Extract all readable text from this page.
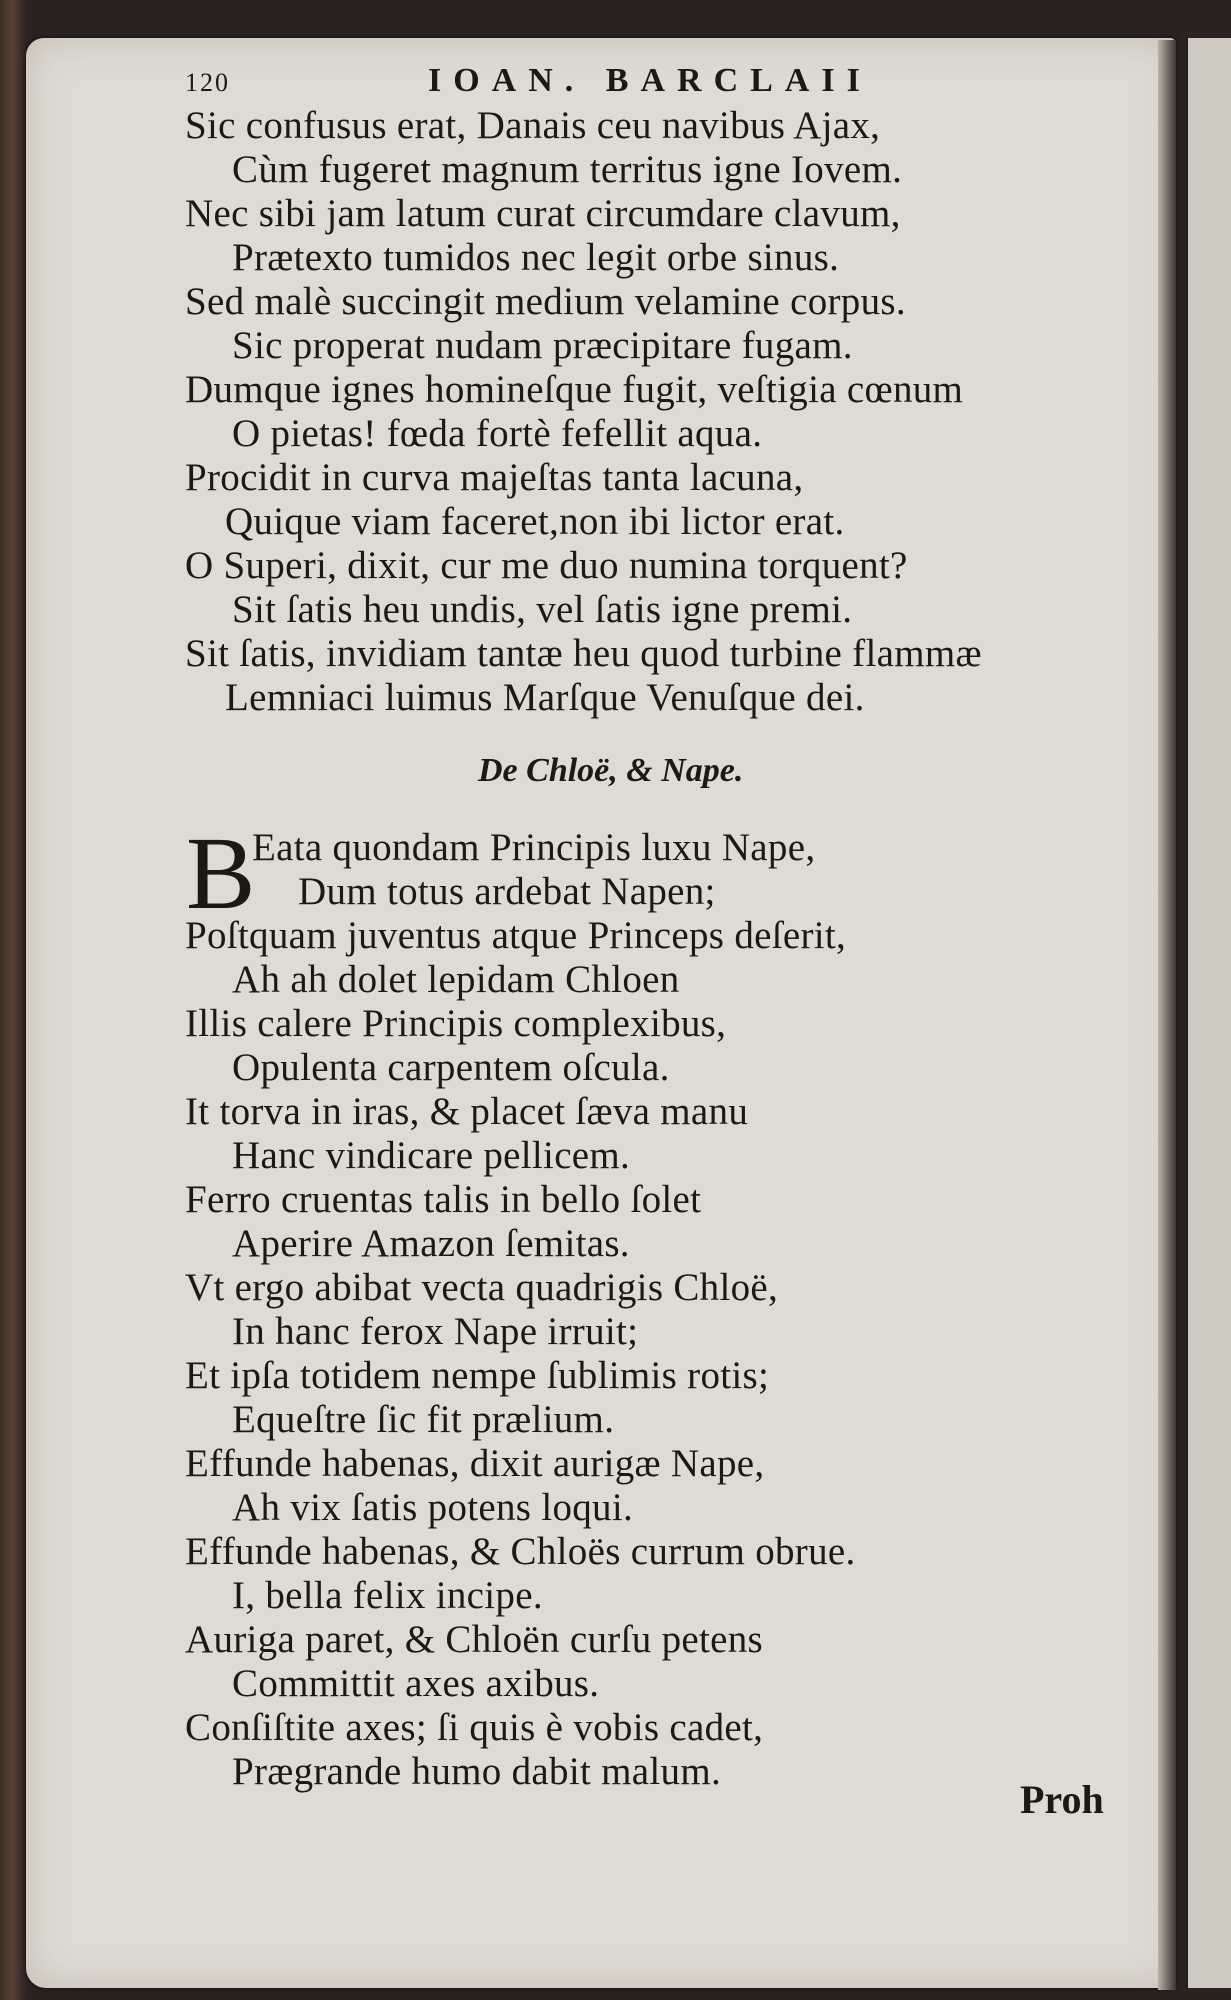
120	IOAN. BARCLAII
Sic confusus erat, Danais ceu navibus Ajax,
Cùm fugeret magnum territus igne Iovem.
Nec sibi jam latum curat circumdare clavum,
Prætexto tumidos nec legit orbe sinus.
Sed malè succingit medium velamine corpus.
Sic properat nudam præcipitare fugam.
Dumque ignes homineſque fugit, veſtigia cœnum
O pietas! fœda fortè fefellit aqua.
Procidit in curva majeſtas tanta lacuna,
Quique viam faceret,non ibi lictor erat.
O Superi, dixit, cur me duo numina torquent?
Sit ſatis heu undis, vel ſatis igne premi.
Sit ſatis, invidiam tantæ heu quod turbine flammæ
Lemniaci luimus Marſque Venuſque dei.
De Chloë, & Nape.
B
Eata quondam Principis luxu Nape,
Dum totus ardebat Napen;
Poſtquam juventus atque Princeps deſerit,
Ah ah dolet lepidam Chloen
Illis calere Principis complexibus,
Opulenta carpentem oſcula.
It torva in iras, & placet ſæva manu
Hanc vindicare pellicem.
Ferro cruentas talis in bello ſolet
Aperire Amazon ſemitas.
Vt ergo abibat vecta quadrigis Chloë,
In hanc ferox Nape irruit;
Et ipſa totidem nempe ſublimis rotis;
Equeſtre ſic fit prælium.
Effunde habenas, dixit aurigæ Nape,
Ah vix ſatis potens loqui.
Effunde habenas, & Chloës currum obrue.
I, bella felix incipe.
Auriga paret, & Chloën curſu petens
Committit axes axibus.
Conſiſtite axes; ſi quis è vobis cadet,
Prægrande humo dabit malum.
Proh
